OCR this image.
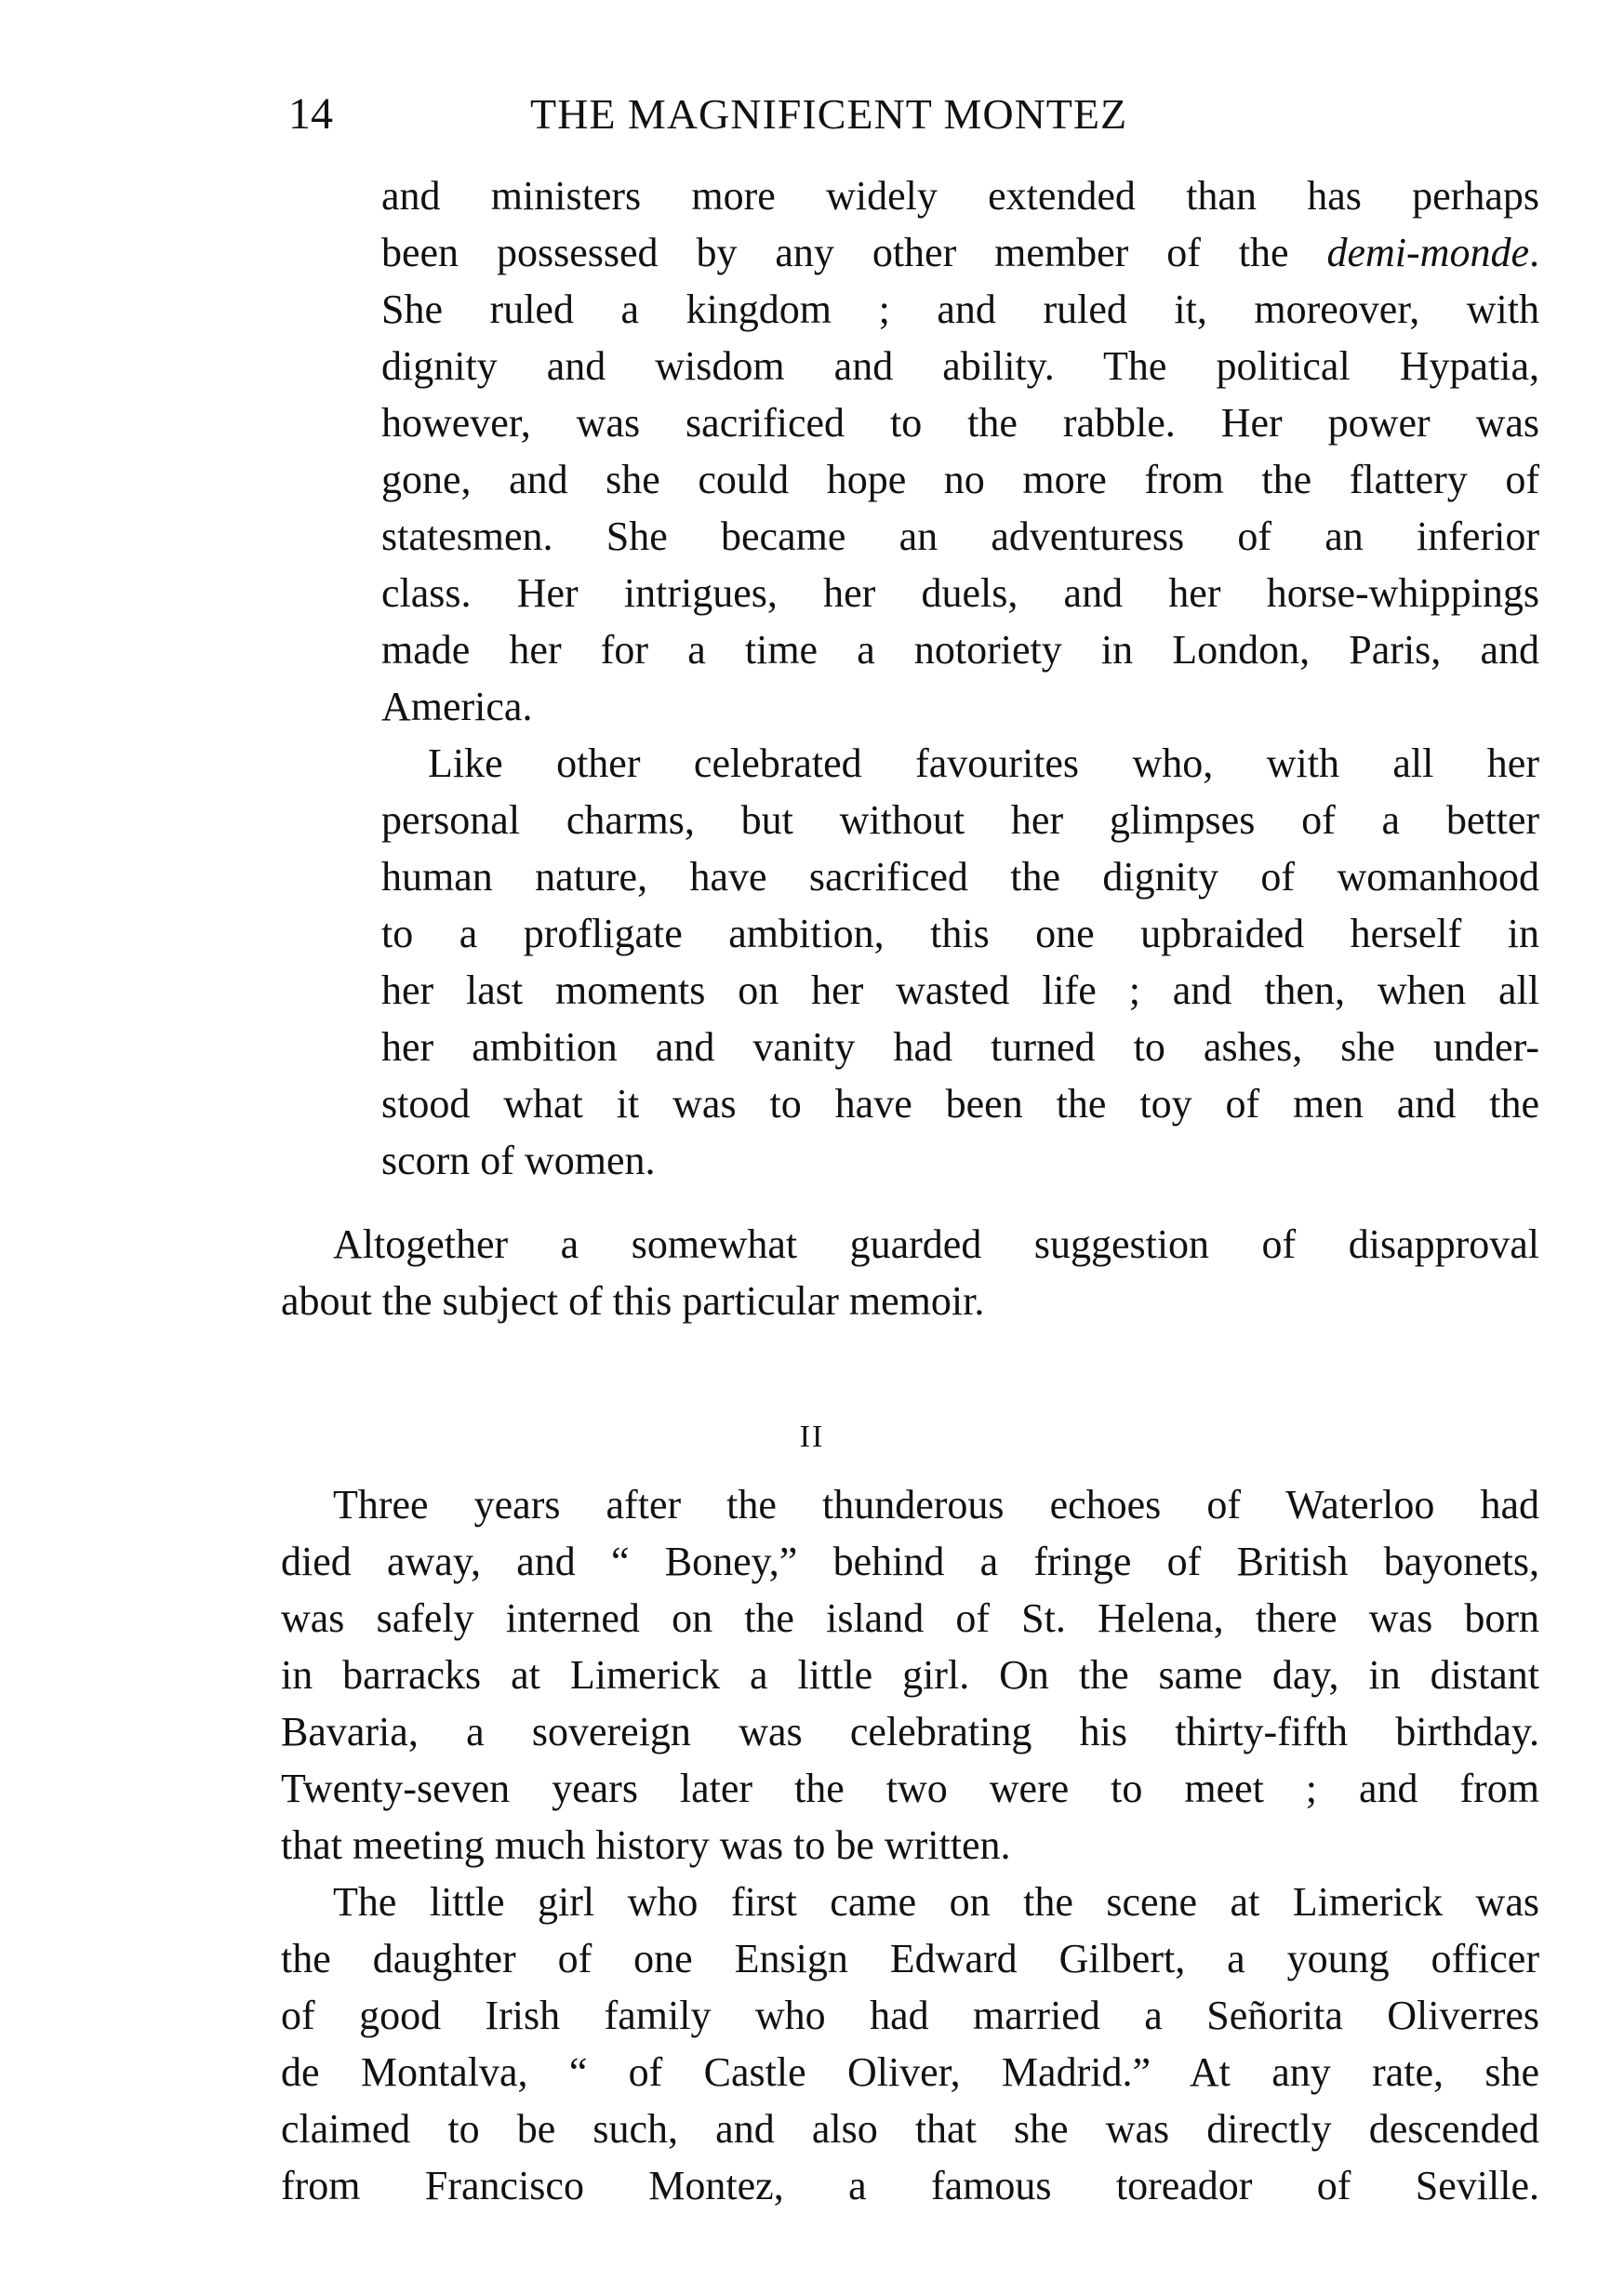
14	THE MAGNIFICENT MONTEZ
and ministers more widely extended than has perhaps
been possessed by any other member of the demi-monde.
She ruled a kingdom ; and ruled it, moreover, with
dignity and wisdom and ability. The political Hypatia,
however, was sacrificed to the rabble. Her power was
gone, and she could hope no more from the flattery of
statesmen. She became an adventuress of an inferior
class. Her intrigues, her duels, and her horse-whippings
made her for a time a notoriety in London, Paris, and
America.
Like other celebrated favourites who, with all her
personal charms, but without her glimpses of a better
human nature, have sacrificed the dignity of womanhood
to a profligate ambition, this one upbraided herself in
her last moments on her wasted life ; and then, when all
her ambition and vanity had turned to ashes, she under-
stood what it was to have been the toy of men and the
scorn of women.
Altogether a somewhat guarded suggestion of disapproval
about the subject of this particular memoir.
II
Three years after the thunderous echoes of Waterloo had
died away, and “ Boney,” behind a fringe of British bayonets,
was safely interned on the island of St. Helena, there was born
in barracks at Limerick a little girl. On the same day, in distant
Bavaria, a sovereign was celebrating his thirty-fifth birthday.
Twenty-seven years later the two were to meet ; and from
that meeting much history was to be written.
The little girl who first came on the scene at Limerick was
the daughter of one Ensign Edward Gilbert, a young officer
of good Irish family who had married a Señorita Oliverres
de Montalva, “ of Castle Oliver, Madrid.” At any rate, she
claimed to be such, and also that she was directly descended
from Francisco Montez, a famous toreador of Seville.
